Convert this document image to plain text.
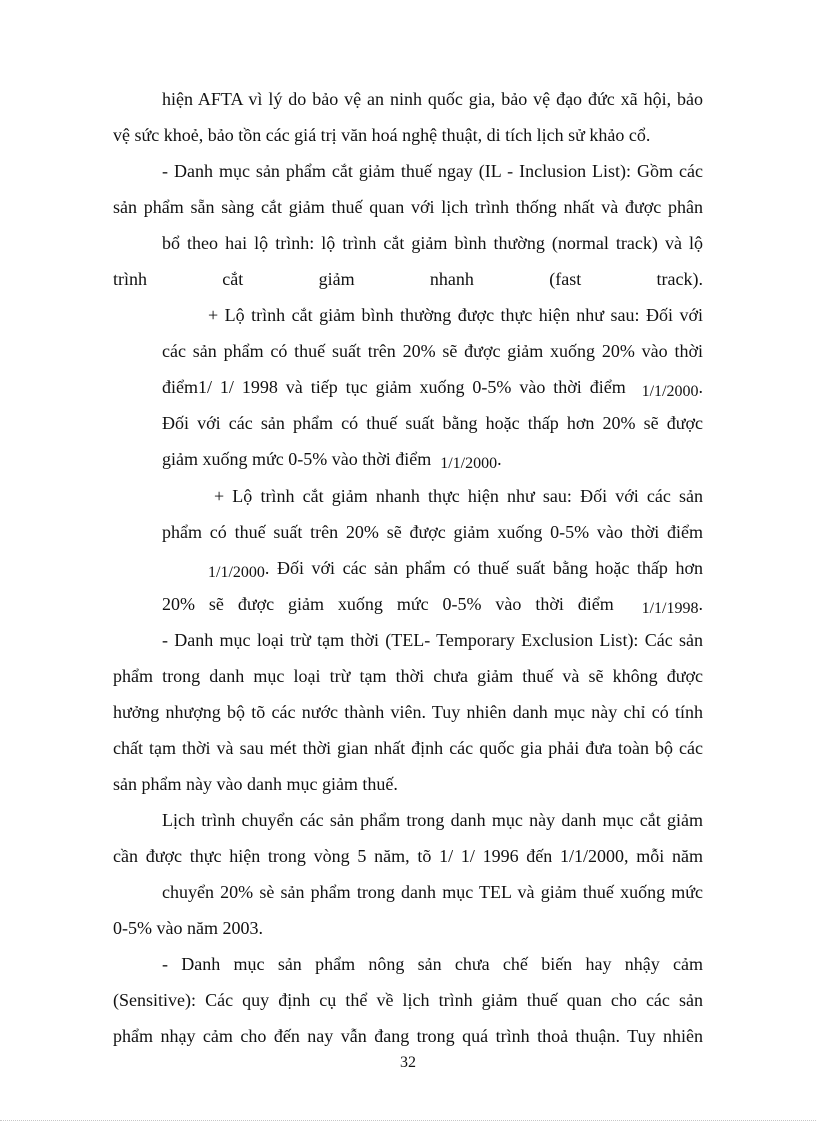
hiện AFTA vì lý do bảo vệ an ninh quốc gia, bảo vệ đạo đức xã hội, bảo
vệ sức khoẻ, bảo tồn các giá trị văn hoá nghệ thuật, di tích lịch sử khảo cổ.
- Danh mục sản phẩm cắt giảm thuế ngay (IL - Inclusion List): Gồm các
sản phẩm sẵn sàng cắt giảm thuế quan với lịch trình thống nhất và được phân
bổ theo hai lộ trình: lộ trình cắt giảm bình thường (normal track) và lộ
trình cắt giảm nhanh (fast track).
+ Lộ trình cắt giảm bình thường được thực hiện như sau: Đối với
các sản phẩm có thuế suất trên 20% sẽ được giảm xuống 20% vào thời
điểm1/ 1/ 1998 và tiếp tục giảm xuống 0-5% vào thời điểm 1/1/2000.
Đối với các sản phẩm có thuế suất bằng hoặc thấp hơn 20% sẽ được
giảm xuống mức 0-5% vào thời điểm 1/1/2000.
+ Lộ trình cắt giảm nhanh thực hiện như sau: Đối với các sản
phẩm có thuế suất trên 20% sẽ được giảm xuống 0-5% vào thời điểm
1/1/2000. Đối với các sản phẩm có thuế suất bằng hoặc thấp hơn
20% sẽ được giảm xuống mức 0-5% vào thời điểm 1/1/1998.
- Danh mục loại trừ tạm thời (TEL- Temporary Exclusion List): Các sản
phẩm trong danh mục loại trừ tạm thời chưa giảm thuế và sẽ không được
hưởng nhượng bộ tõ các nước thành viên. Tuy nhiên danh mục này chỉ có tính
chất tạm thời và sau mét thời gian nhất định các quốc gia phải đưa toàn bộ các
sản phẩm này vào danh mục giảm thuế.
Lịch trình chuyển các sản phẩm trong danh mục này danh mục cắt giảm
cần được thực hiện trong vòng 5 năm, tõ 1/ 1/ 1996 đến 1/1/2000, mỗi năm
chuyển 20% sè sản phẩm trong danh mục TEL và giảm thuế xuống mức
0-5% vào năm 2003.
- Danh mục sản phẩm nông sản chưa chế biến hay nhậy cảm
(Sensitive): Các quy định cụ thể về lịch trình giảm thuế quan cho các sản
phẩm nhạy cảm cho đến nay vẫn đang trong quá trình thoả thuận. Tuy nhiên
32
